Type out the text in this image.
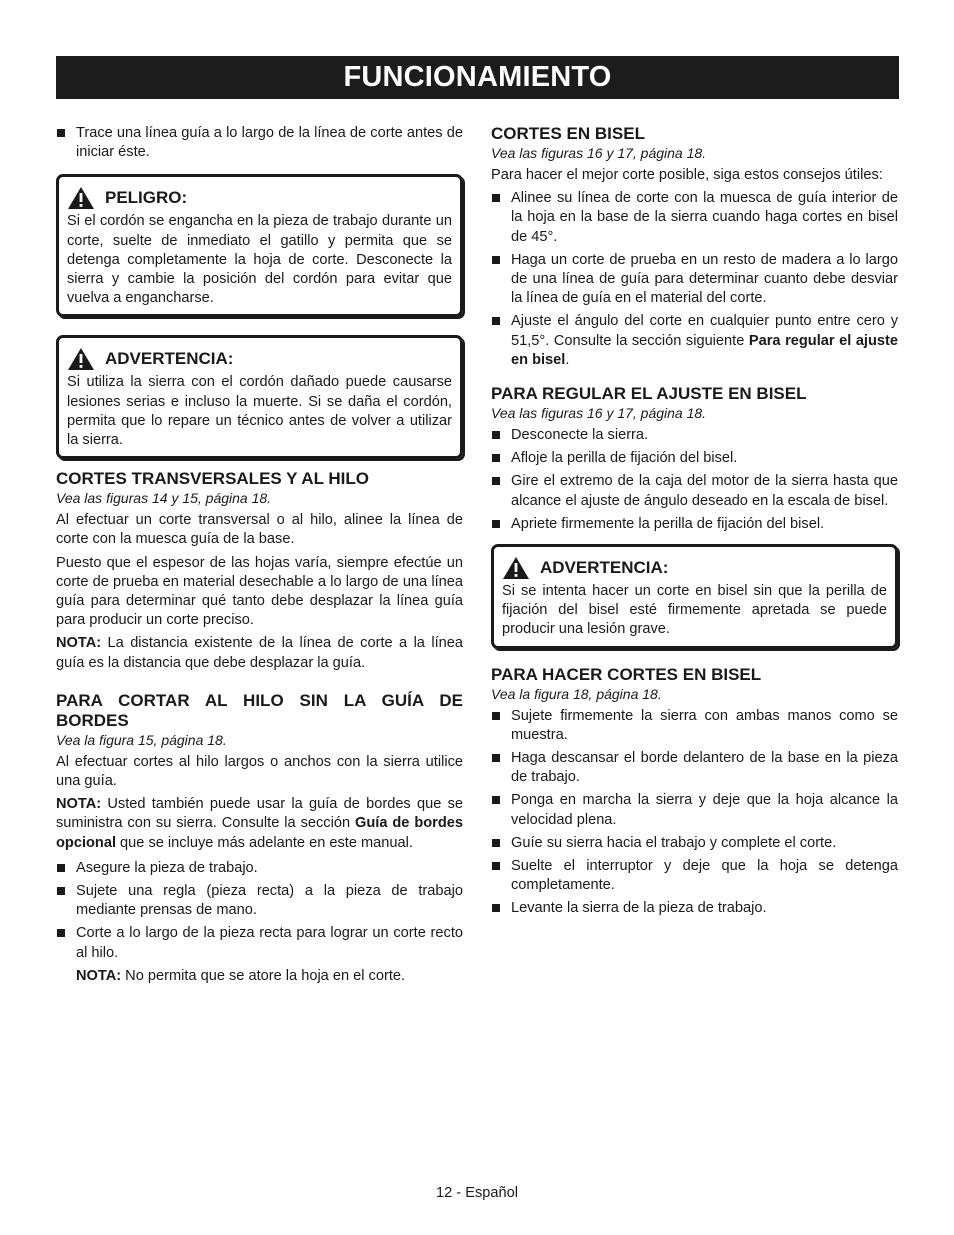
FUNCIONAMIENTO
Trace una línea guía a lo largo de la línea de corte antes de iniciar éste.
PELIGRO:

Si el cordón se engancha en la pieza de trabajo durante un corte, suelte de inmediato el gatillo y permita que se detenga completamente la hoja de corte. Desconecte la sierra y cambie la posición del cordón para evitar que vuelva a engancharse.

ADVERTENCIA:

Si utiliza la sierra con el cordón dañado puede causarse lesiones serias e incluso la muerte. Si se daña el cordón, permita que lo repare un técnico antes de volver a utilizar la sierra.

CORTES TRANSVERSALES Y AL HILO
Vea las figuras 14 y 15, página 18.

Al efectuar un corte transversal o al hilo, alinee la línea de corte con la muesca guía de la base.

Puesto que el espesor de las hojas varía, siempre efectúe un corte de prueba en material desechable a lo largo de una línea guía para determinar qué tanto debe desplazar la línea guía para producir un corte preciso.

NOTA: La distancia existente de la línea de corte a la línea guía es la distancia que debe desplazar la guía.

PARA CORTAR AL HILO SIN LA GUÍA DE BORDES
Vea la figura 15, página 18.

Al efectuar cortes al hilo largos o anchos con la sierra utilice una guía.

NOTA: Usted también puede usar la guía de bordes que se suministra con su sierra. Consulte la sección Guía de bordes opcional que se incluye más adelante en este manual.

Asegure la pieza de trabajo.
Sujete una regla (pieza recta) a la pieza de trabajo mediante prensas de mano.
Corte a lo largo de la pieza recta para lograr un corte recto al hilo.

NOTA: No permita que se atore la hoja en el corte.

CORTES EN BISEL
Vea las figuras 16 y 17, página 18.

Para hacer el mejor corte posible, siga estos consejos útiles:

Alinee su línea de corte con la muesca de guía interior de la hoja en la base de la sierra cuando haga cortes en bisel de 45°.
Haga un corte de prueba en un resto de madera a lo largo de una línea de guía para determinar cuanto debe desviar la línea de guía en el material del corte.
Ajuste el ángulo del corte en cualquier punto entre cero y 51,5°. Consulte la sección siguiente Para regular el ajuste en bisel.
PARA REGULAR EL AJUSTE EN BISEL
Vea las figuras 16 y 17, página 18.
Desconecte la sierra.
Afloje la perilla de fijación del bisel.
Gire el extremo de la caja del motor de la sierra hasta que alcance el ajuste de ángulo deseado en la escala de bisel.
Apriete firmemente la perilla de fijación del bisel.
ADVERTENCIA:

Si se intenta hacer un corte en bisel sin que la perilla de fijación del bisel esté firmemente apretada se puede producir una lesión grave.

PARA HACER CORTES EN BISEL
Vea la figura 18, página 18.
Sujete firmemente la sierra con ambas manos como se muestra.
Haga descansar el borde delantero de la base en la pieza de trabajo.
Ponga en marcha la sierra y deje que la hoja alcance la velocidad plena.
Guíe su sierra hacia el trabajo y complete el corte.
Suelte el interruptor y deje que la hoja se detenga completamente.
Levante la sierra de la pieza de trabajo.
12 - Español
